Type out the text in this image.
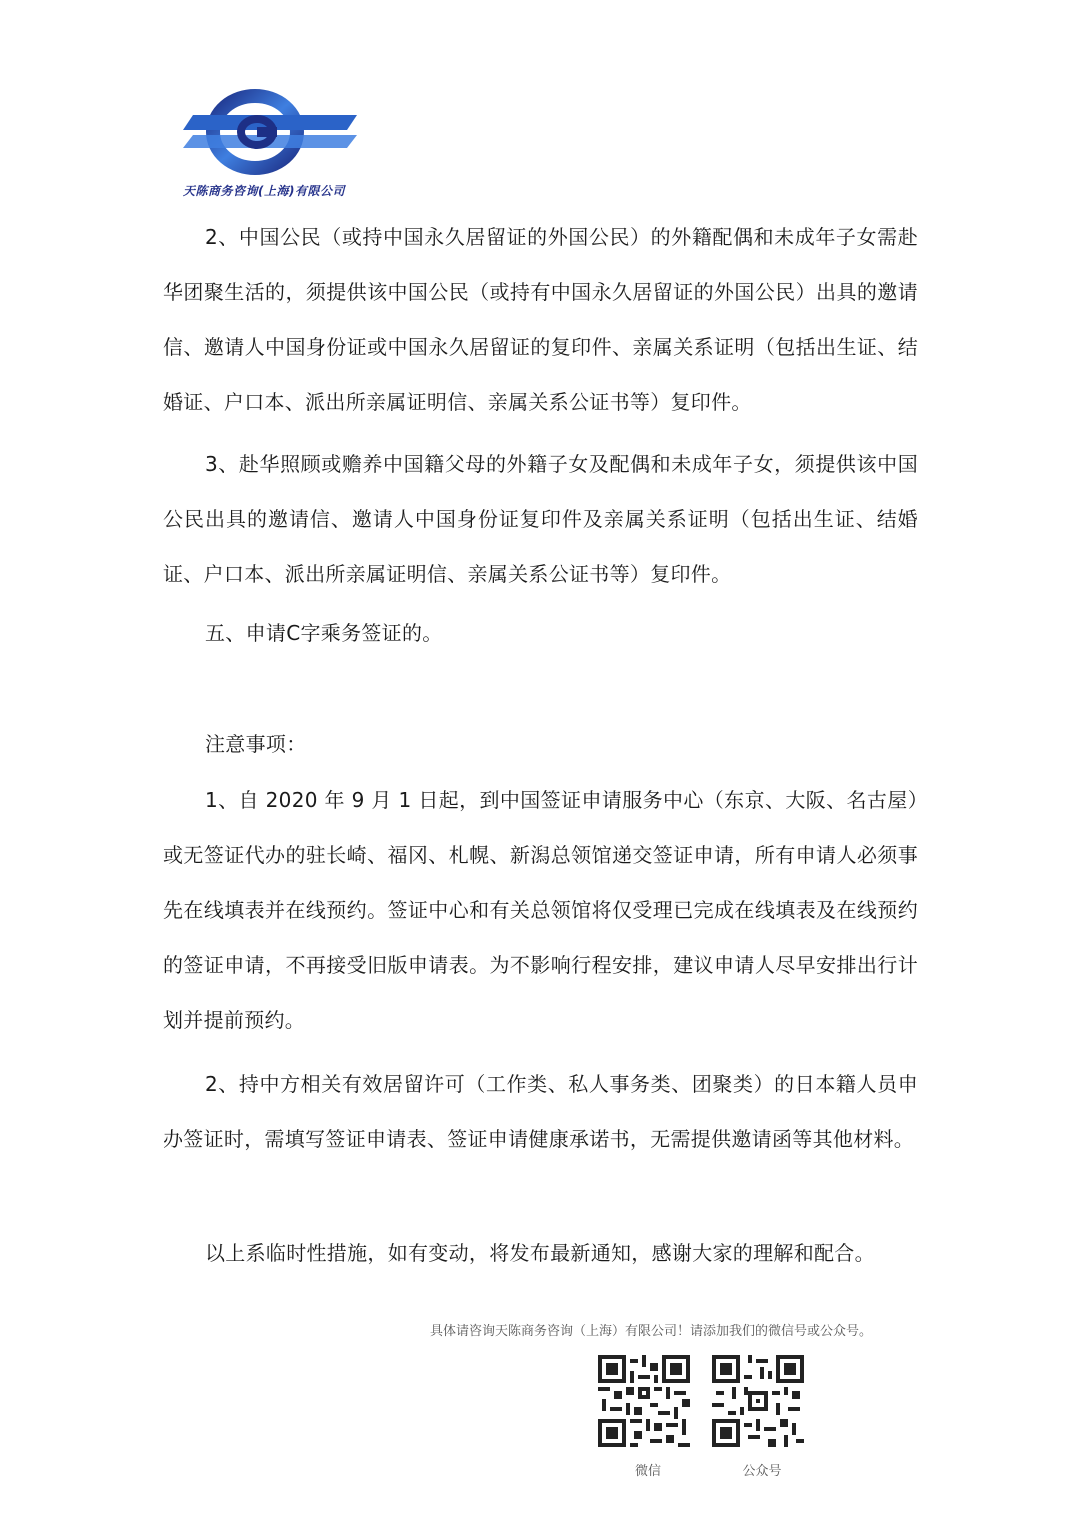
天陈商务咨询(上海)有限公司

2、中国公民（或持中国永久居留证的外国公民）的外籍配偶和未成年子女需赴华团聚生活的，须提供该中国公民（或持有中国永久居留证的外国公民）出具的邀请信、邀请人中国身份证或中国永久居留证的复印件、亲属关系证明（包括出生证、结婚证、户口本、派出所亲属证明信、亲属关系公证书等）复印件。

3、赴华照顾或赡养中国籍父母的外籍子女及配偶和未成年子女，须提供该中国公民出具的邀请信、邀请人中国身份证复印件及亲属关系证明（包括出生证、结婚证、户口本、派出所亲属证明信、亲属关系公证书等）复印件。

五、申请C字乘务签证的。

注意事项：

1、自 2020 年 9 月 1 日起，到中国签证申请服务中心（东京、大阪、名古屋）或无签证代办的驻长崎、福冈、札幌、新潟总领馆递交签证申请，所有申请人必须事先在线填表并在线预约。签证中心和有关总领馆将仅受理已完成在线填表及在线预约的签证申请，不再接受旧版申请表。为不影响行程安排，建议申请人尽早安排出行计划并提前预约。

2、持中方相关有效居留许可（工作类、私人事务类、团聚类）的日本籍人员申办签证时，需填写签证申请表、签证申请健康承诺书，无需提供邀请函等其他材料。

以上系临时性措施，如有变动，将发布最新通知，感谢大家的理解和配合。

具体请咨询天陈商务咨询（上海）有限公司！请添加我们的微信号或公众号。
微信	公众号
